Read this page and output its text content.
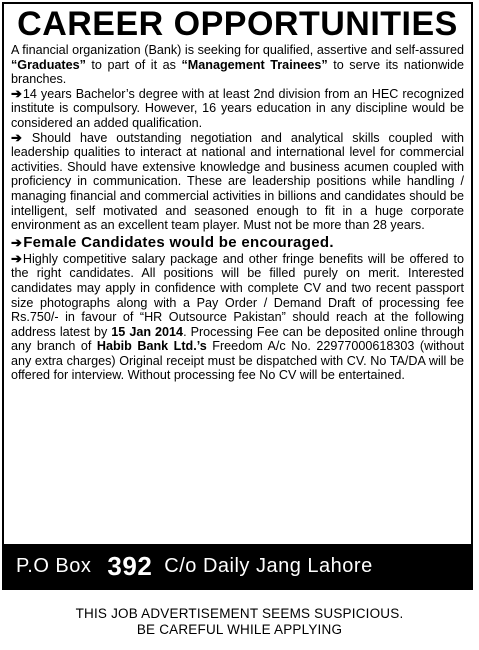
CAREER OPPORTUNITIES

A financial organization (Bank) is seeking for qualified, assertive and self-assured “Graduates” to part of it as “Management Trainees” to serve its nationwide branches.

➔14 years Bachelor’s degree with at least 2nd division from an HEC recognized institute is compulsory. However, 16 years education in any discipline would be considered an added qualification.

➔ Should have outstanding negotiation and analytical skills coupled with leadership qualities to interact at national and international level for commercial activities. Should have extensive knowledge and business acumen coupled with proficiency in communication. These are leadership positions while handling / managing financial and commercial activities in billions and candidates should be intelligent, self motivated and seasoned enough to fit in a huge corporate environment as an excellent team player. Must not be more than 28 years.

➔Female Candidates would be encouraged.

➔Highly competitive salary package and other fringe benefits will be offered to the right candidates. All positions will be filled purely on merit. Interested candidates may apply in confidence with complete CV and two recent passport size photographs along with a Pay Order / Demand Draft of processing fee Rs.750/- in favour of “HR Outsource Pakistan” should reach at the following address latest by 15 Jan 2014. Processing Fee can be deposited online through any branch of Habib Bank Ltd.’s Freedom A/c No. 22977000618303 (without any extra charges) Original receipt must be dispatched with CV. No TA/DA will be offered for interview. Without processing fee No CV will be entertained.

P.O Box 392 C/o Daily Jang Lahore
THIS JOB ADVERTISEMENT SEEMS SUSPICIOUS.
BE CAREFUL WHILE APPLYING
